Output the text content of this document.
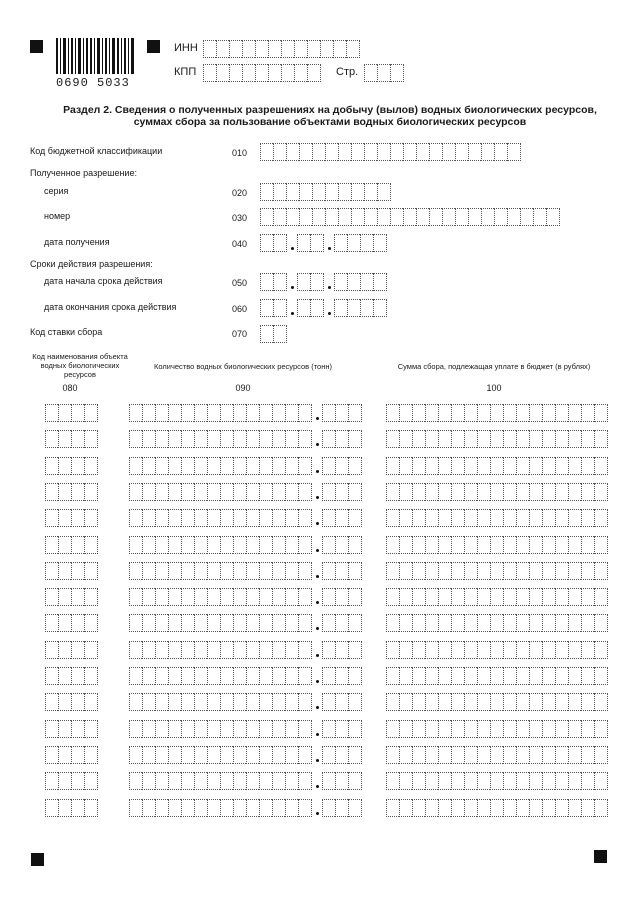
0690 5033
ИНН
КПП	Стр.
Раздел 2. Сведения о полученных разрешениях на добычу (вылов) водных биологических ресурсов,
суммах сбора за пользование объектами водных биологических ресурсов
Код бюджетной классификации	010
Полученное разрешение:
серия	020
номер	030
дата получения	040
Сроки действия разрешения:
дата начала срока действия	050
дата окончания срока действия	060
Код ставки сбора	070
Код наименования объекта водных биологических ресурсов
080
Количество водных биологических ресурсов (тонн)
090
Сумма сбора, подлежащая уплате в бюджет (в рублях)
100
